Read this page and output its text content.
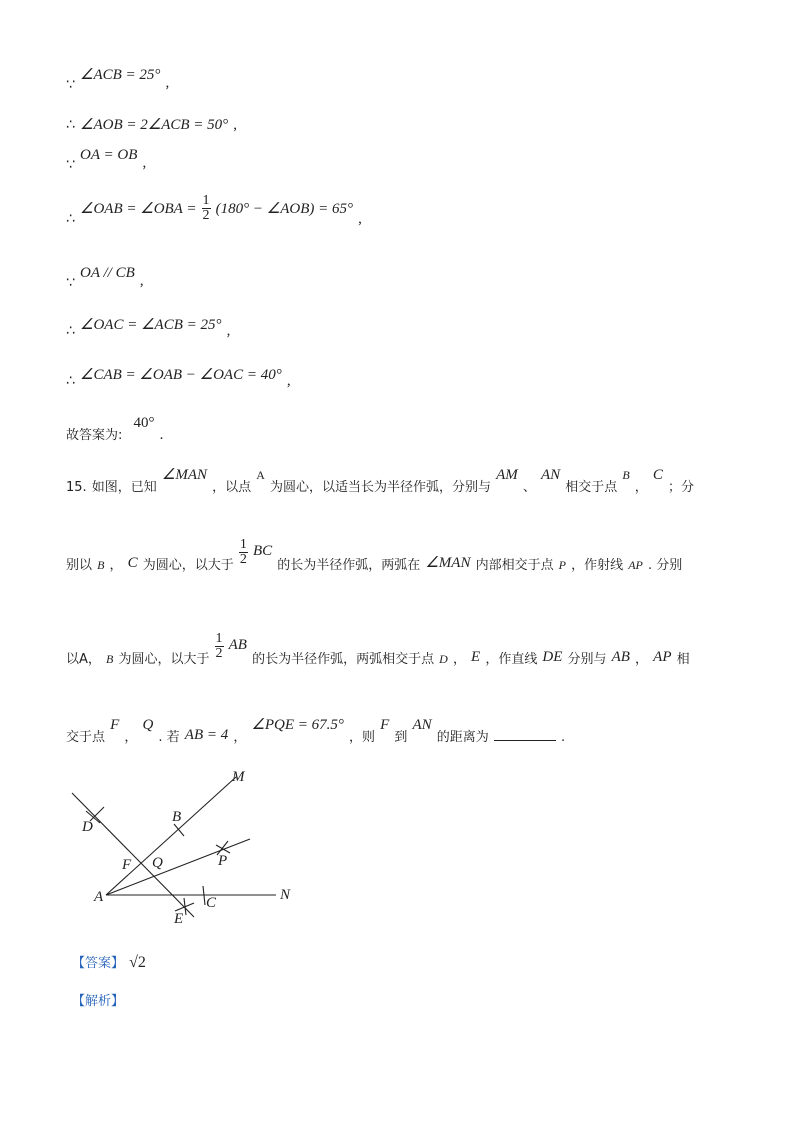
∵ ∠ACB = 25° ,
∴ ∠AOB = 2∠ACB = 50° ,
∵ OA = OB ,
∴ ∠OAB = ∠OBA = $\frac{1}{2} (180^\circ$ − ∠AOB) = 65° ,
∵ OA // CB ,
∴ ∠OAC = ∠ACB = 25° ,
∴ ∠CAB = ∠OAB − ∠OAC = 40° ,
$_{故答案为:}$ 40° .
$_{15.}$ $_{如图,已知}$ ∠MAN $_{,以点}$ A $_{为圆心,以适当长为半径作弧,分别与}$ AM $_、$ AN $_{相交于点}$ B $_,$ C $_{;分}$
$_{别以}$ $_B$ $_,$ C $_{为圆心,以大于} \frac{1}{2}$ BC $_{的长为半径作弧,两弧在}$ ∠MAN $_{内部相交于点}$ $_P$ $_{,作射线}$ $_{AP}$ $_{. 分别}$
$_{以A,}$ $_B$ $_{为圆心,以大于} \frac{1}{2}$ AB $_{的长为半径作弧,两弧相交于点}$ $_D$ $_,$ E $_{,作直线}$ DE $_{分别与}$ AB $_,$ AP $_相$
$_{交于点}$ F $_,$ Q $_{. 若}$ AB = 4 $_,$ ∠PQE = 67.5° $_{,则}$ F $_到$ AN $_{的距离为}$	$_.$
M
B
D
F Q	P
A
E
C	N
【答案】 √2
【解析】
